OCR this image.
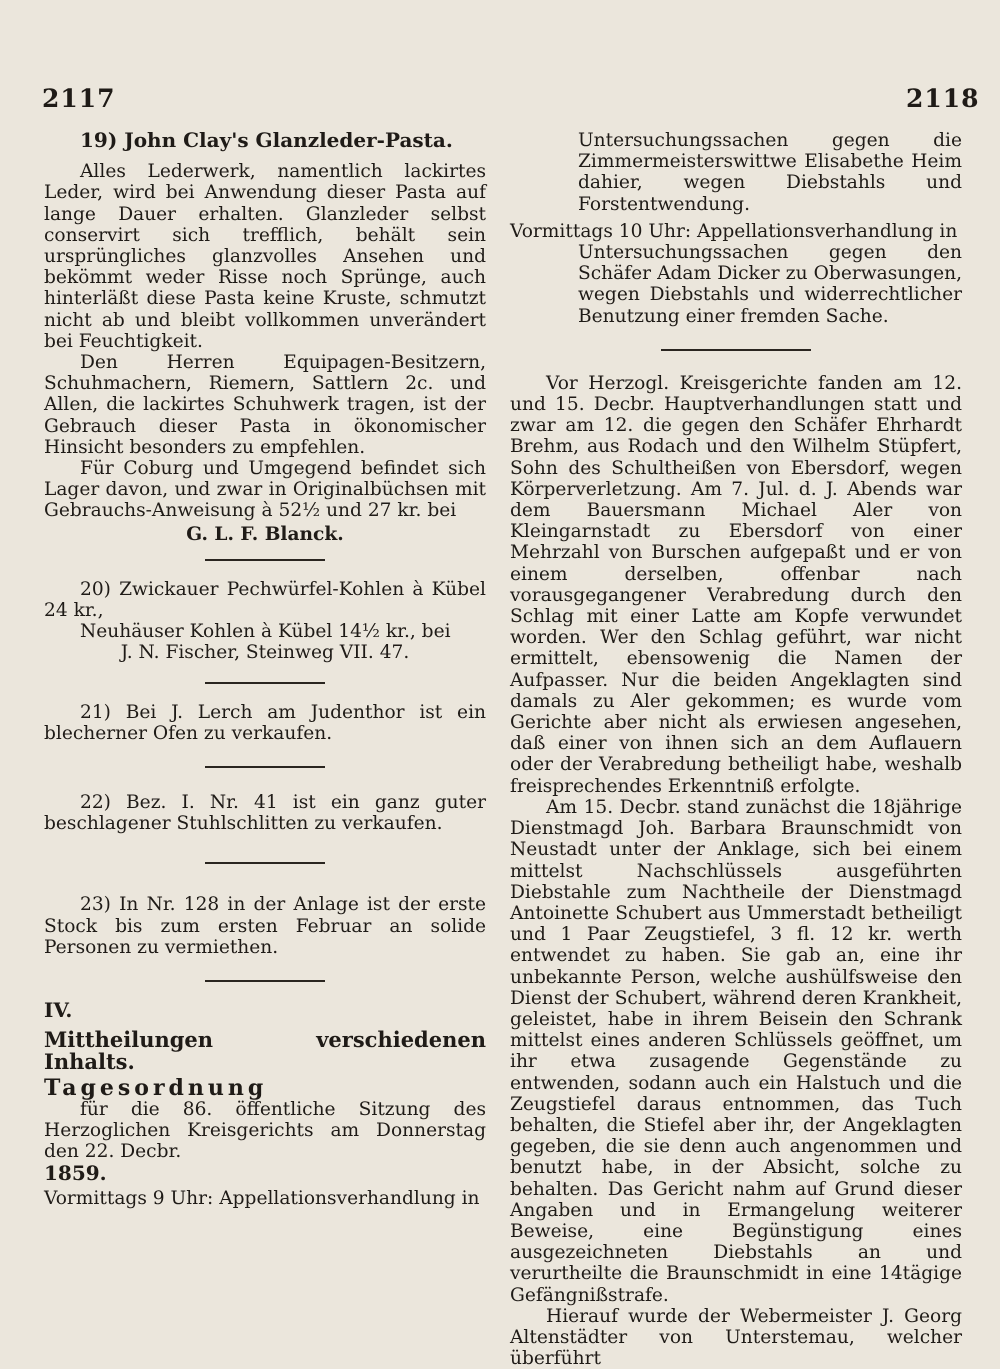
2117	2118

19) John Clay's Glanzleder-Pasta.

Alles Lederwerk, namentlich lackirtes Leder, wird bei Anwendung dieser Pasta auf lange Dauer erhalten. Glanzleder selbst conservirt sich trefflich, behält sein ursprüngliches glanzvolles Ansehen und bekömmt weder Risse noch Sprünge, auch hinterläßt diese Pasta keine Kruste, schmutzt nicht ab und bleibt vollkommen unverändert bei Feuchtigkeit.

Den Herren Equipagen-Besitzern, Schuhmachern, Riemern, Sattlern 2c. und Allen, die lackirtes Schuhwerk tragen, ist der Gebrauch dieser Pasta in ökonomischer Hinsicht besonders zu empfehlen.

Für Coburg und Umgegend befindet sich Lager davon, und zwar in Originalbüchsen mit Gebrauchs-Anweisung à 52½ und 27 kr. bei

G. L. F. Blanck.

20) Zwickauer Pechwürfel-Kohlen à Kübel 24 kr.,

Neuhäuser Kohlen à Kübel 14½ kr., bei

J. N. Fischer, Steinweg VII. 47.

21) Bei J. Lerch am Judenthor ist ein blecherner Ofen zu verkaufen.

22) Bez. I. Nr. 41 ist ein ganz guter beschlagener Stuhlschlitten zu verkaufen.

23) In Nr. 128 in der Anlage ist der erste Stock bis zum ersten Februar an solide Personen zu vermiethen.

IV.

Mittheilungen verschiedenen Inhalts.

Tagesordnung

für die 86. öffentliche Sitzung des Herzoglichen Kreisgerichts am Donnerstag den 22. Decbr.

1859.

Vormittags 9 Uhr: Appellationsverhandlung in

Untersuchungssachen gegen die Zimmermeisterswittwe Elisabethe Heim dahier, wegen Diebstahls und Forstentwendung.

Vormittags 10 Uhr: Appellationsverhandlung in

Untersuchungssachen gegen den Schäfer Adam Dicker zu Oberwasungen, wegen Diebstahls und widerrechtlicher Benutzung einer fremden Sache.

Vor Herzogl. Kreisgerichte fanden am 12. und 15. Decbr. Hauptverhandlungen statt und zwar am 12. die gegen den Schäfer Ehrhardt Brehm, aus Rodach und den Wilhelm Stüpfert, Sohn des Schultheißen von Ebersdorf, wegen Körperverletzung. Am 7. Jul. d. J. Abends war dem Bauersmann Michael Aler von Kleingarnstadt zu Ebersdorf von einer Mehrzahl von Burschen aufgepaßt und er von einem derselben, offenbar nach vorausgegangener Verabredung durch den Schlag mit einer Latte am Kopfe verwundet worden. Wer den Schlag geführt, war nicht ermittelt, ebensowenig die Namen der Aufpasser. Nur die beiden Angeklagten sind damals zu Aler gekommen; es wurde vom Gerichte aber nicht als erwiesen angesehen, daß einer von ihnen sich an dem Auflauern oder der Verabredung betheiligt habe, weshalb freisprechendes Erkenntniß erfolgte.

Am 15. Decbr. stand zunächst die 18jährige Dienstmagd Joh. Barbara Braunschmidt von Neustadt unter der Anklage, sich bei einem mittelst Nachschlüssels ausgeführten Diebstahle zum Nachtheile der Dienstmagd Antoinette Schubert aus Ummerstadt betheiligt und 1 Paar Zeugstiefel, 3 fl. 12 kr. werth entwendet zu haben. Sie gab an, eine ihr unbekannte Person, welche aushülfsweise den Dienst der Schubert, während deren Krankheit, geleistet, habe in ihrem Beisein den Schrank mittelst eines anderen Schlüssels geöffnet, um ihr etwa zusagende Gegenstände zu entwenden, sodann auch ein Halstuch und die Zeugstiefel daraus entnommen, das Tuch behalten, die Stiefel aber ihr, der Angeklagten gegeben, die sie denn auch angenommen und benutzt habe, in der Absicht, solche zu behalten. Das Gericht nahm auf Grund dieser Angaben und in Ermangelung weiterer Beweise, eine Begünstigung eines ausgezeichneten Diebstahls an und verurtheilte die Braunschmidt in eine 14tägige Gefängnißstrafe.

Hierauf wurde der Webermeister J. Georg Altenstädter von Unterstemau, welcher überführt
